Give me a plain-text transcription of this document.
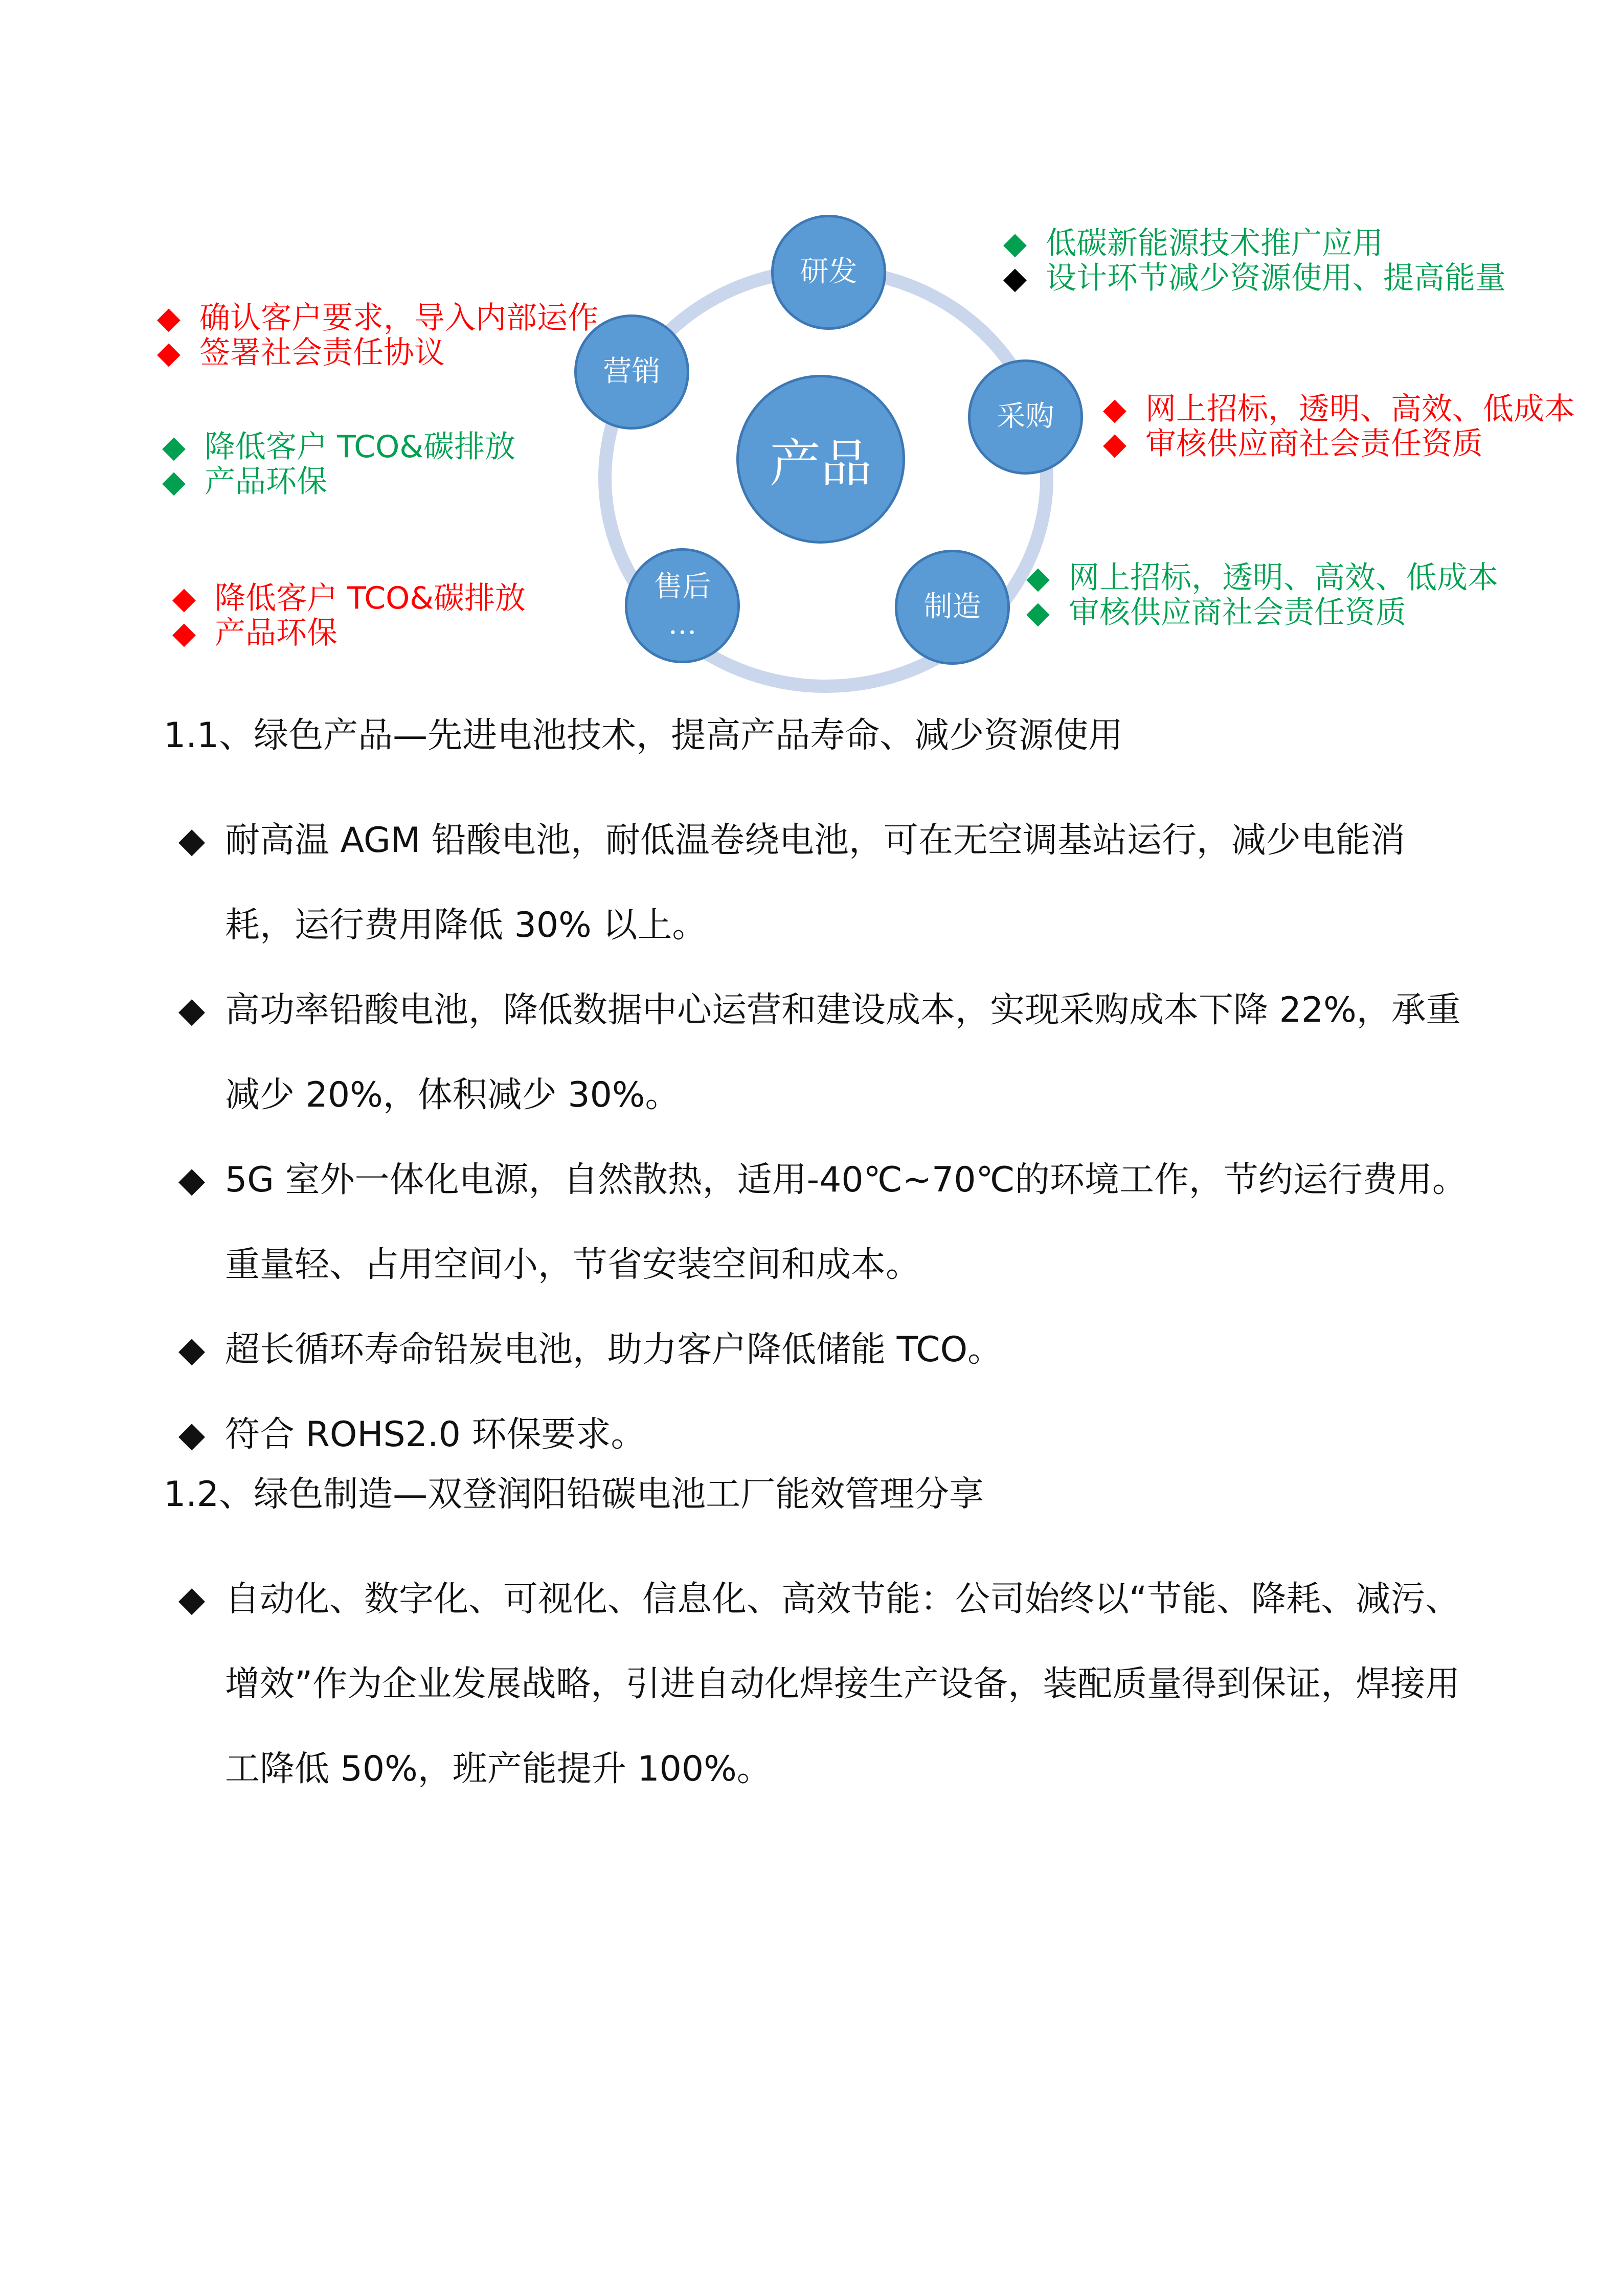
研发
采购
制造
售后
…
营销
产品
◆ 低碳新能源技术推广应用
◆ 设计环节减少资源使用、提高能量
◆ 网上招标，透明、高效、低成本
◆ 审核供应商社会责任资质
◆ 网上招标，透明、高效、低成本
◆ 审核供应商社会责任资质
◆ 确认客户要求，导入内部运作
◆ 签署社会责任协议
◆ 降低客户 TCO&碳排放
◆ 产品环保
◆ 降低客户 TCO&碳排放
◆ 产品环保
1.1、绿色产品—先进电池技术，提高产品寿命、减少资源使用
◆ 耐高温 AGM 铅酸电池，耐低温卷绕电池，可在无空调基站运行，减少电能消耗，运行费用降低 30% 以上。
◆ 高功率铅酸电池，降低数据中心运营和建设成本，实现采购成本下降 22%，承重减少 20%，体积减少 30%。
◆ 5G 室外一体化电源，自然散热，适用-40℃~70℃的环境工作，节约运行费用。重量轻、占用空间小，节省安装空间和成本。
◆ 超长循环寿命铅炭电池，助力客户降低储能 TCO。
◆ 符合 ROHS2.0 环保要求。
1.2、绿色制造—双登润阳铅碳电池工厂能效管理分享
◆ 自动化、数字化、可视化、信息化、高效节能：公司始终以“节能、降耗、减污、增效”作为企业发展战略，引进自动化焊接生产设备，装配质量得到保证，焊接用工降低 50%，班产能提升 100%。
